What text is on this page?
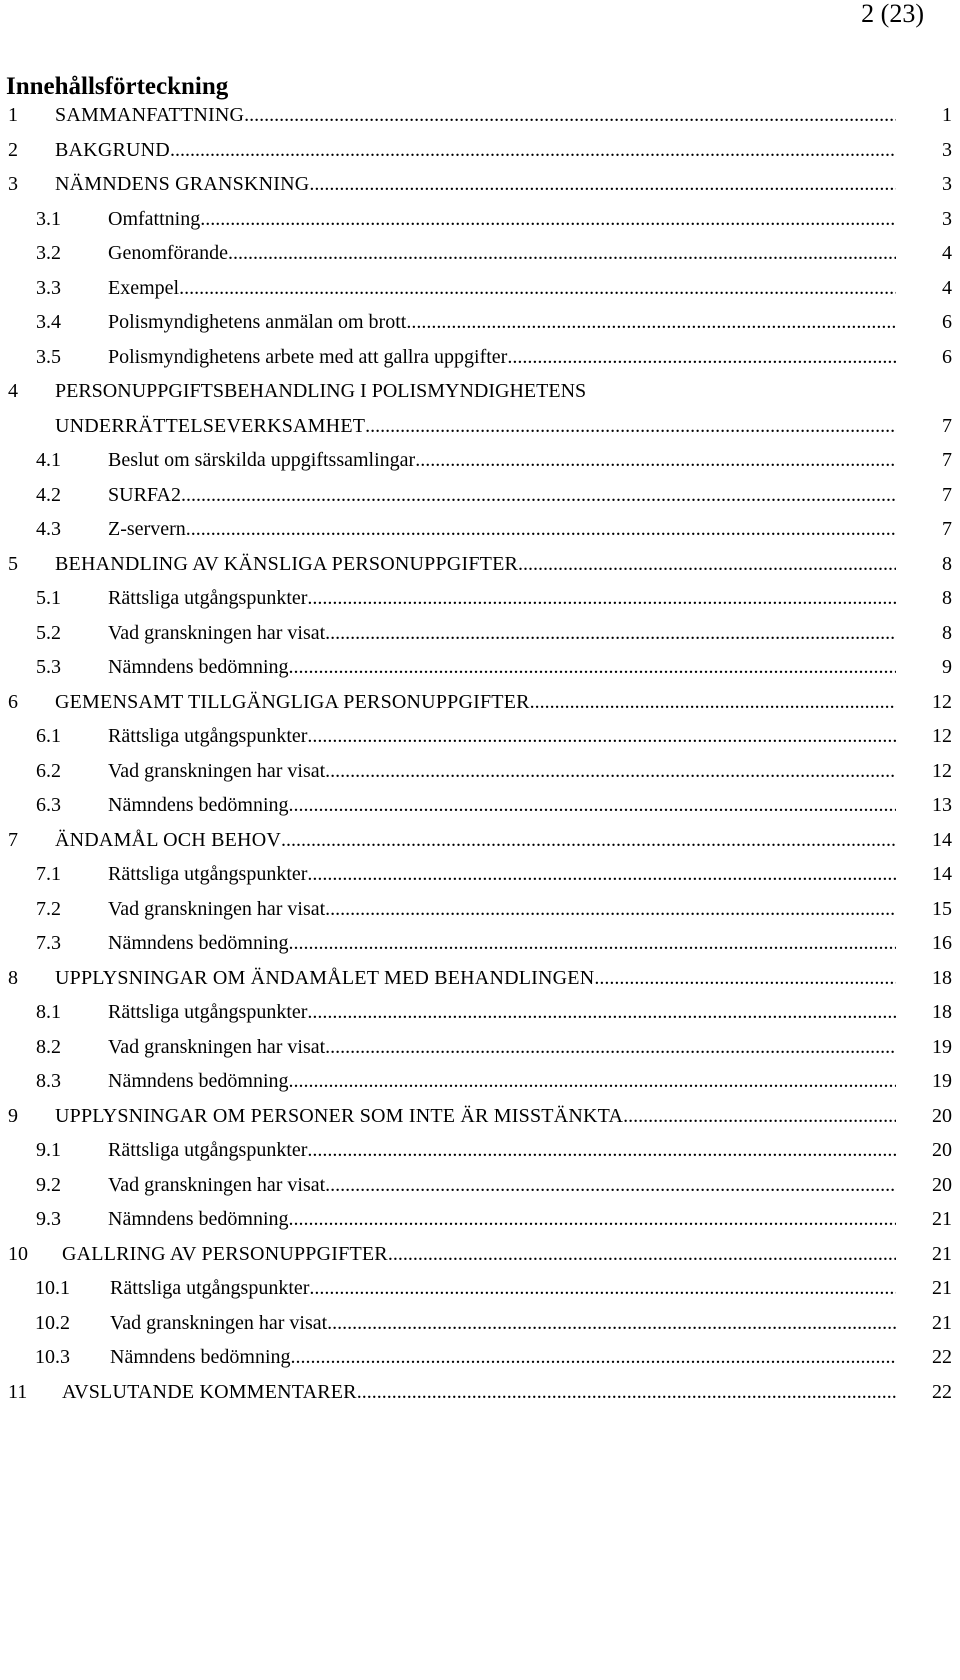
2 (23)
Innehållsförteckning
1 SAMMANFATTNING .....	1
2 BAKGRUND .....	3
3 NÄMNDENS GRANSKNING .....	3
3.1 Omfattning .....	3
3.2 Genomförande .....	4
3.3 Exempel .....	4
3.4 Polismyndighetens anmälan om brott .....	6
3.5 Polismyndighetens arbete med att gallra uppgifter .....	6
4 PERSONUPPGIFTSBEHANDLING I POLISMYNDIGHETENS
UNDERRÄTTELSEVERKSAMHET .....	7
4.1 Beslut om särskilda uppgiftssamlingar .....	7
4.2 SURFA2 .....	7
4.3 Z-servern .....	7
5 BEHANDLING AV KÄNSLIGA PERSONUPPGIFTER .....	8
5.1 Rättsliga utgångspunkter .....	8
5.2 Vad granskningen har visat .....	8
5.3 Nämndens bedömning .....	9
6 GEMENSAMT TILLGÄNGLIGA PERSONUPPGIFTER .....	12
6.1 Rättsliga utgångspunkter .....	12
6.2 Vad granskningen har visat .....	12
6.3 Nämndens bedömning .....	13
7 ÄNDAMÅL OCH BEHOV .....	14
7.1 Rättsliga utgångspunkter .....	14
7.2 Vad granskningen har visat .....	15
7.3 Nämndens bedömning .....	16
8 UPPLYSNINGAR OM ÄNDAMÅLET MED BEHANDLINGEN .....	18
8.1 Rättsliga utgångspunkter .....	18
8.2 Vad granskningen har visat .....	19
8.3 Nämndens bedömning .....	19
9 UPPLYSNINGAR OM PERSONER SOM INTE ÄR MISSTÄNKTA .....	20
9.1 Rättsliga utgångspunkter .....	20
9.2 Vad granskningen har visat .....	20
9.3 Nämndens bedömning .....	21
10 GALLRING AV PERSONUPPGIFTER .....	21
10.1 Rättsliga utgångspunkter .....	21
10.2 Vad granskningen har visat .....	21
10.3 Nämndens bedömning .....	22
11 AVSLUTANDE KOMMENTARER .....	22
